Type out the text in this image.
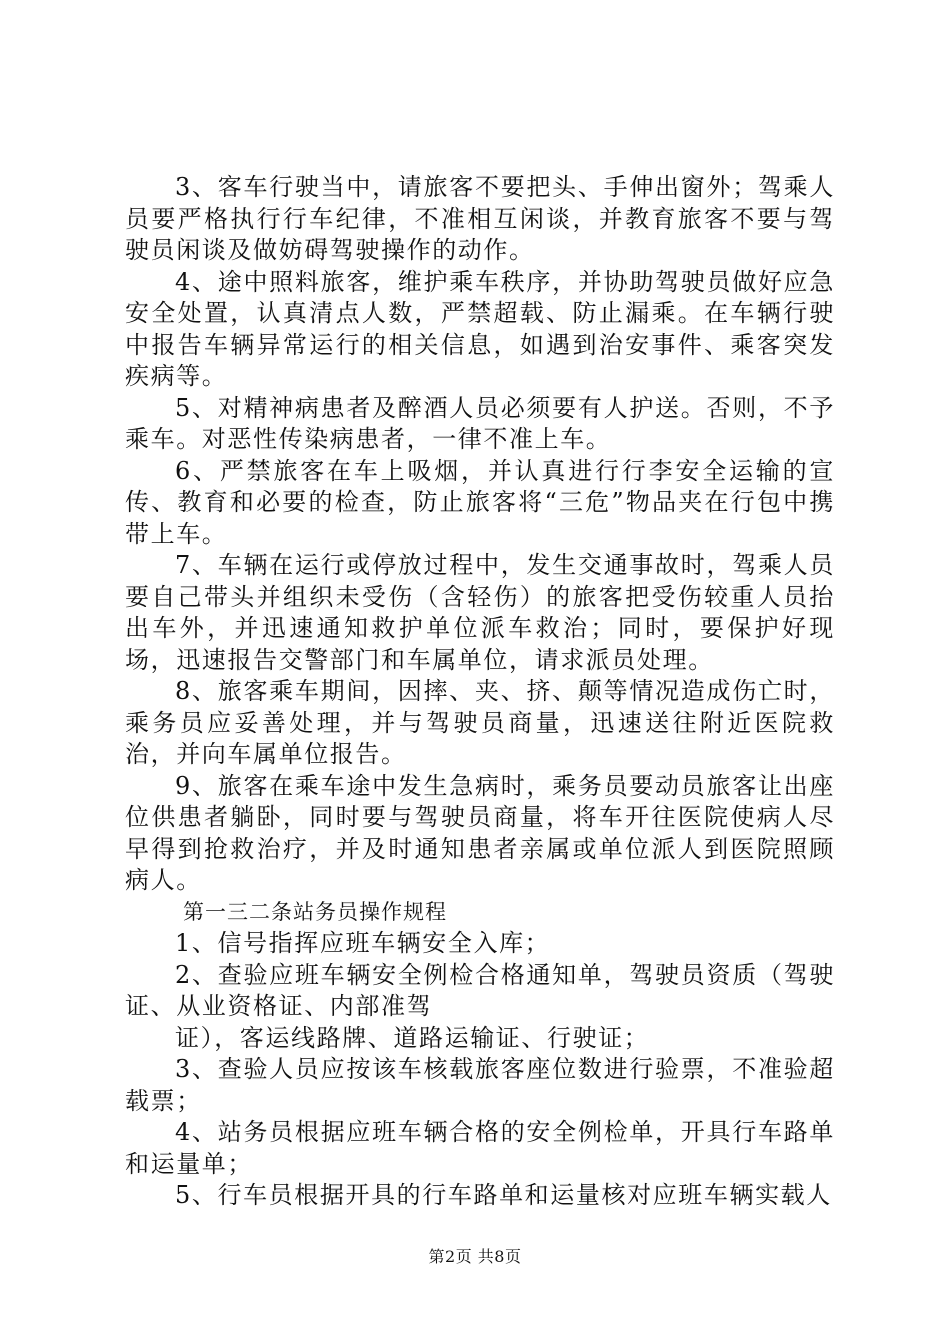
3、客车行驶当中，请旅客不要把头、手伸出窗外；驾乘人员要严格执行行车纪律，不准相互闲谈，并教育旅客不要与驾驶员闲谈及做妨碍驾驶操作的动作。

4、途中照料旅客，维护乘车秩序，并协助驾驶员做好应急安全处置，认真清点人数，严禁超载、防止漏乘。在车辆行驶中报告车辆异常运行的相关信息，如遇到治安事件、乘客突发疾病等。

5、对精神病患者及醉酒人员必须要有人护送。否则，不予乘车。对恶性传染病患者，一律不准上车。

6、严禁旅客在车上吸烟，并认真进行行李安全运输的宣传、教育和必要的检查，防止旅客将“三危”物品夹在行包中携带上车。

7、车辆在运行或停放过程中，发生交通事故时，驾乘人员要自己带头并组织未受伤（含轻伤）的旅客把受伤较重人员抬出车外，并迅速通知救护单位派车救治；同时，要保护好现场，迅速报告交警部门和车属单位，请求派员处理。

8、旅客乘车期间，因摔、夹、挤、颠等情况造成伤亡时，乘务员应妥善处理，并与驾驶员商量，迅速送往附近医院救治，并向车属单位报告。

9、旅客在乘车途中发生急病时，乘务员要动员旅客让出座位供患者躺卧，同时要与驾驶员商量，将车开往医院使病人尽早得到抢救治疗，并及时通知患者亲属或单位派人到医院照顾病人。

第一三二条站务员操作规程

1、信号指挥应班车辆安全入库；

2、查验应班车辆安全例检合格通知单，驾驶员资质（驾驶证、从业资格证、内部准驾

证），客运线路牌、道路运输证、行驶证；

3、查验人员应按该车核载旅客座位数进行验票，不准验超载票；

4、站务员根据应班车辆合格的安全例检单，开具行车路单和运量单；

5、行车员根据开具的行车路单和运量核对应班车辆实载人

第2页 共8页
